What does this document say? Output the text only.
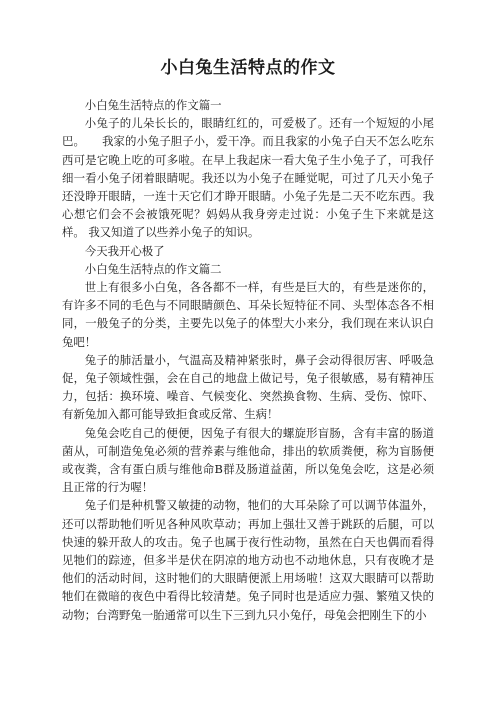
小白兔生活特点的作文

小白兔生活特点的作文篇一

小兔子的儿朵长长的，眼睛红红的，可爱极了。还有一个短短的小尾巴。　　我家的小兔子胆子小，爱干净。而且我家的小兔子白天不怎么吃东西可是它晚上吃的可多啦。在早上我起床一看大兔子生小兔子了，可我仔细一看小兔子闭着眼睛呢。我还以为小兔子在睡觉呢，可过了几天小兔子还没睁开眼睛，一连十天它们才睁开眼睛。小兔子先是二天不吃东西。我心想它们会不会被饿死呢？妈妈从我身旁走过说：小兔子生下来就是这样。 我又知道了以些养小兔子的知识。

今天我开心极了

小白兔生活特点的作文篇二

世上有很多小白兔，各各都不一样，有些是巨大的，有些是迷你的，有许多不同的毛色与不同眼睛颜色、耳朵长短特征不同、头型体态各不相同，一般兔子的分类，主要先以兔子的体型大小来分，我们现在来认识白兔吧！

兔子的肺活量小，气温高及精神紧张时，鼻子会动得很厉害、呼吸急促，兔子领域性强，会在自己的地盘上做记号，兔子很敏感，易有精神压力，包括：换环境、噪音、气候变化、突然换食物、生病、受伤、惊吓、有新兔加入都可能导致拒食或反常、生病！

兔兔会吃自己的便便，因兔子有很大的螺旋形盲肠，含有丰富的肠道菌从，可制造兔兔必须的营养素与维他命，排出的软质粪便，称为盲肠便或夜粪，含有蛋白质与维他命B群及肠道益菌，所以兔兔会吃，这是必须且正常的行为喔！

兔子们是种机警又敏捷的动物，牠们的大耳朵除了可以调节体温外，还可以帮助牠们听见各种风吹草动；再加上强壮又善于跳跃的后腿，可以快速的躲开敌人的攻击。兔子也属于夜行性动物，虽然在白天也偶而看得见牠们的踪迹，但多半是伏在阴凉的地方动也不动地休息，只有夜晚才是他们的活动时间，这时牠们的大眼睛便派上用场啦！这双大眼睛可以帮助牠们在微暗的夜色中看得比较清楚。兔子同时也是适应力强、繁殖又快的动物；台湾野兔一胎通常可以生下三到九只小兔仔，母兔会把刚生下的小
